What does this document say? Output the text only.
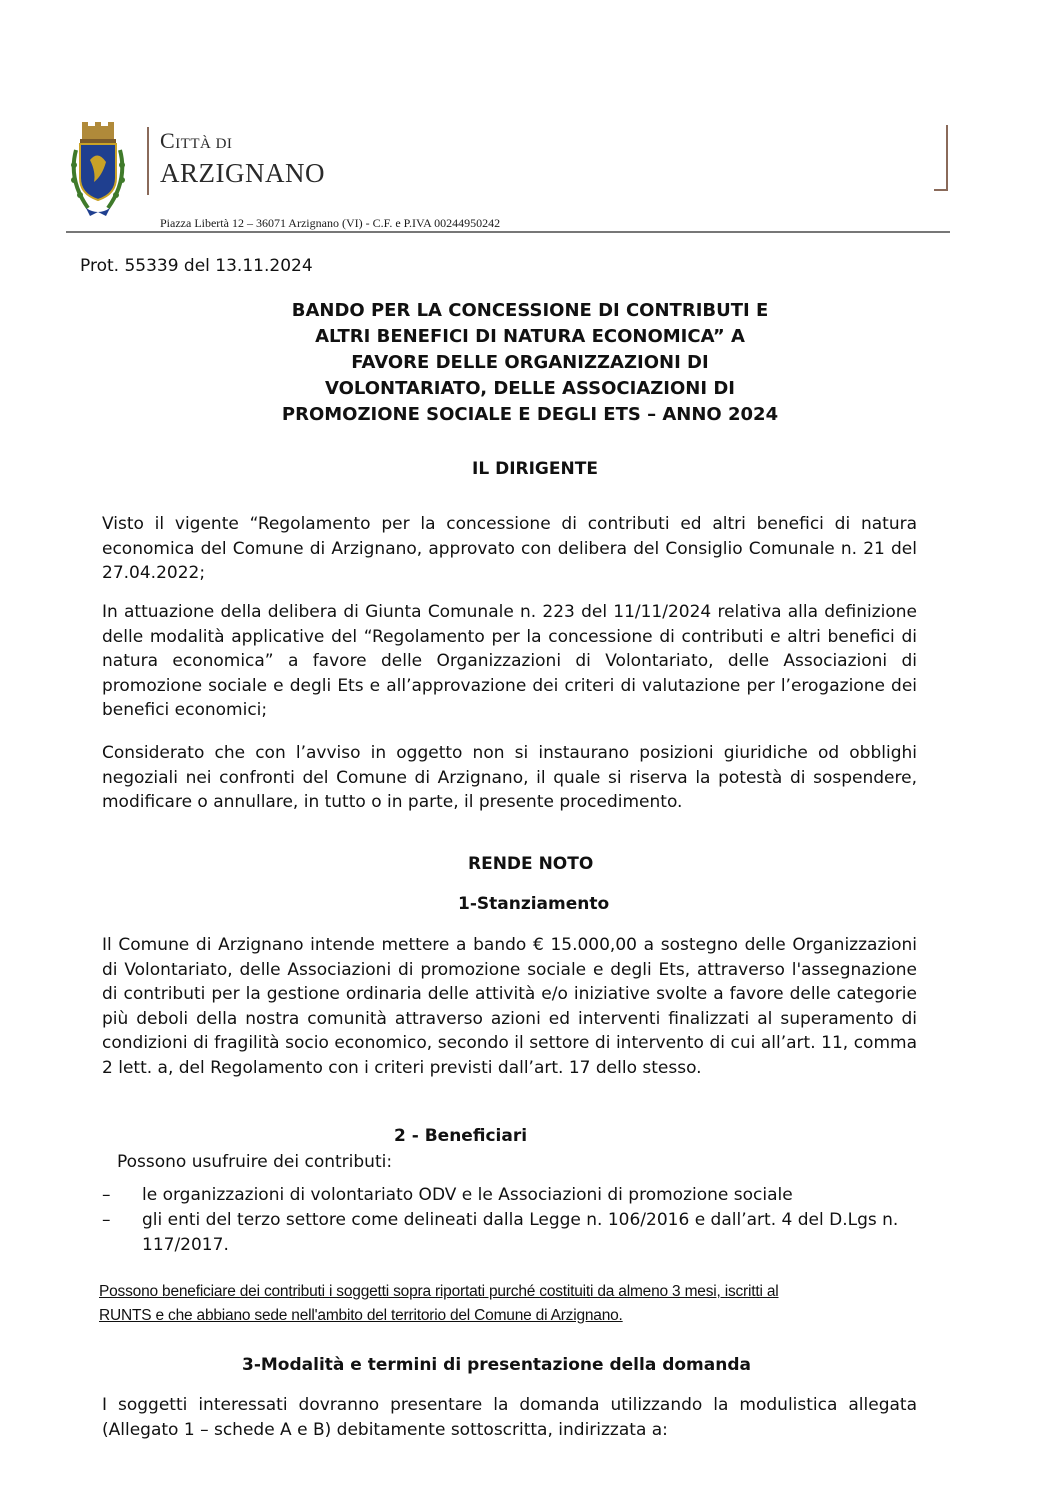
CITTÀ DI
ARZIGNANO
Piazza Libertà 12 – 36071 Arzignano (VI) - C.F. e P.IVA 00244950242
Prot. 55339 del 13.11.2024
BANDO PER LA CONCESSIONE DI CONTRIBUTI E
ALTRI BENEFICI DI NATURA ECONOMICA” A
FAVORE DELLE ORGANIZZAZIONI DI
VOLONTARIATO, DELLE ASSOCIAZIONI DI
PROMOZIONE SOCIALE E DEGLI ETS – ANNO 2024
IL DIRIGENTE
Visto il vigente “Regolamento per la concessione di contributi ed altri benefici di natura economica del Comune di Arzignano, approvato con delibera del Consiglio Comunale n. 21 del 27.04.2022;
In attuazione della delibera di Giunta Comunale n. 223 del 11/11/2024 relativa alla definizione delle modalità applicative del “Regolamento per la concessione di contributi e altri benefici di natura economica” a favore delle Organizzazioni di Volontariato, delle Associazioni di promozione sociale e degli Ets e all’approvazione dei criteri di valutazione per l’erogazione dei benefici economici;
Considerato che con l’avviso in oggetto non si instaurano posizioni giuridiche od obblighi negoziali nei confronti del Comune di Arzignano, il quale si riserva la potestà di sospendere, modificare o annullare, in tutto o in parte, il presente procedimento.
RENDE NOTO
1-Stanziamento
Il Comune di Arzignano intende mettere a bando € 15.000,00 a sostegno delle Organizzazioni di Volontariato, delle Associazioni di promozione sociale e degli Ets, attraverso l'assegnazione di contributi per la gestione ordinaria delle attività e/o iniziative svolte a favore delle categorie più deboli della nostra comunità attraverso azioni ed interventi finalizzati al superamento di condizioni di fragilità socio economico, secondo il settore di intervento di cui all’art. 11, comma 2 lett. a, del Regolamento con i criteri previsti dall’art. 17 dello stesso.
2 - Beneficiari
Possono usufruire dei contributi:
– le organizzazioni di volontariato ODV e le Associazioni di promozione sociale
– gli enti del terzo settore come delineati dalla Legge n. 106/2016 e dall’art. 4 del D.Lgs n. 117/2017.
Possono beneficiare dei contributi i soggetti sopra riportati purché costituiti da almeno 3 mesi, iscritti al
RUNTS e che abbiano sede nell'ambito del territorio del Comune di Arzignano.
3-Modalità e termini di presentazione della domanda
I soggetti interessati dovranno presentare la domanda utilizzando la modulistica allegata (Allegato 1 – schede A e B) debitamente sottoscritta, indirizzata a:
